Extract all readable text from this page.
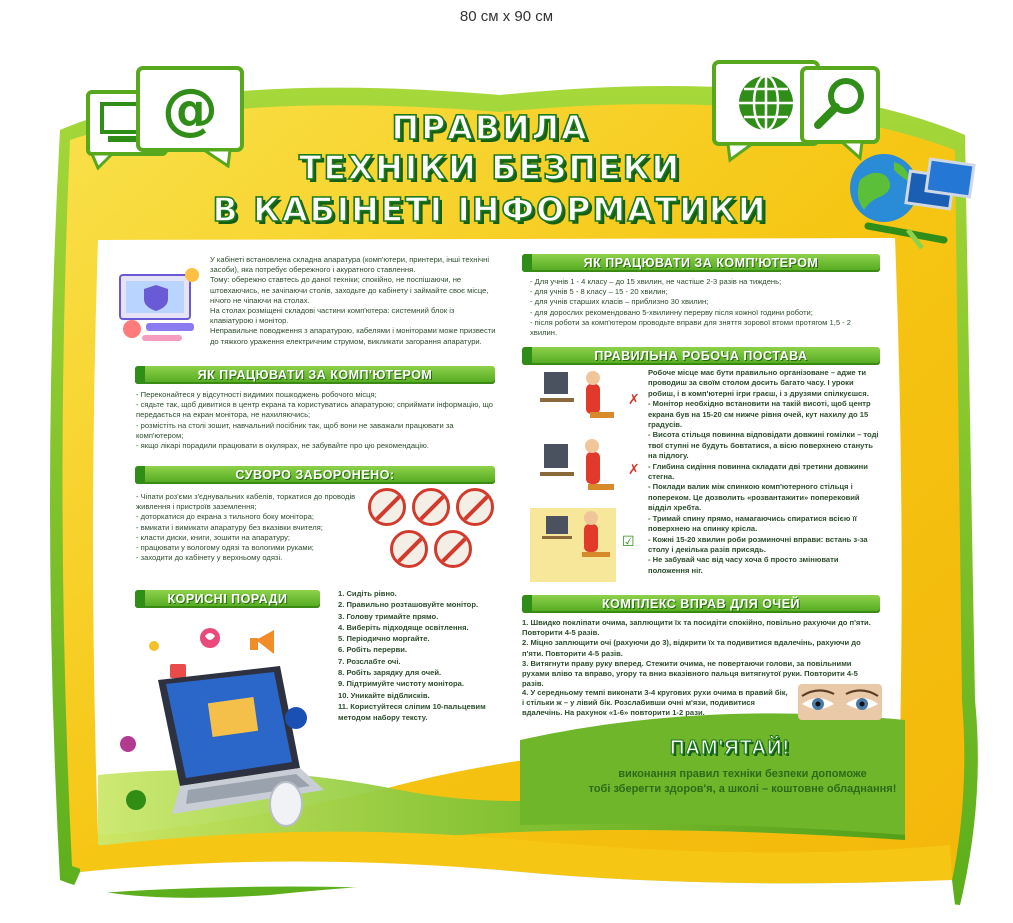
80 см х 90 см
@	ПРАВИЛА
ТЕХНІКИ БЕЗПЕКИ
В КАБІНЕТІ ІНФОРМАТИКИ

У кабінеті встановлена складна апаратура (комп'ютери, принтери, інші технічні засоби), яка потребує обережного і акуратного ставлення.

Тому: обережно ставтесь до даної техніки; спокійно, не поспішаючи, не штовхаючись, не зачіпаючи столів, заходьте до кабінету і займайте своє місце, нічого не чіпаючи на столах.

На столах розміщені складові частини комп'ютера: системний блок із клавіатурою і монітор.

Неправильне поводження з апаратурою, кабелями і моніторами може призвести до тяжкого ураження електричним струмом, викликати загорання апаратури.

ЯК ПРАЦЮВАТИ ЗА КОМП'ЮТЕРОМ

- Переконайтеся у відсутності видимих пошкоджень робочого місця;

- сядьте так, щоб дивитися в центр екрана та користуватись апаратурою; сприймати інформацію, що передається на екран монітора, не нахиляючись;

- розмістіть на столі зошит, навчальний посібник так, щоб вони не заважали працювати за комп'ютером;

- якщо лікарі порадили працювати в окулярах, не забувайте про цю рекомендацію.

СУВОРО ЗАБОРОНЕНО:

- Чіпати роз'єми з'єднувальних кабелів, торкатися до проводів живлення і пристроїв заземлення;

- доторкатися до екрана з тильного боку монітора;

- вмикати і вимикати апаратуру без вказівки вчителя;

- класти диски, книги, зошити на апаратуру;

- працювати у вологому одязі та вологими руками;

- заходити до кабінету у верхньому одязі.

КОРИСНІ ПОРАДИ	1. Сидіть рівно.

2. Правильно розташовуйте монітор.

3. Голову тримайте прямо.

4. Виберіть підходяще освітлення.

5. Періодично моргайте.

6. Робіть перерви.

7. Розслабте очі.

8. Робіть зарядку для очей.

9. Підтримуйте чистоту монітора.

10. Уникайте відблисків.

11. Користуйтеся сліпим 10-пальцевим методом набору тексту.

ЯК ПРАЦЮВАТИ ЗА КОМП'ЮТЕРОМ

- Для учнів 1 - 4 класу – до 15 хвилин, не частіше 2-3 разів на тиждень;

- для учнів 5 - 8 класу – 15 - 20 хвилин;

- для учнів старших класів – приблизно 30 хвилин;

- для дорослих рекомендовано 5-хвилинну перерву після кожної години роботи;

- після роботи за комп'ютером проводьте вправи для зняття зорової втоми протягом 1,5 - 2 хвилин.

ПРАВИЛЬНА РОБОЧА ПОСТАВА
✗
✗
☑

Робоче місце має бути правильно організоване – адже ти проводиш за своїм столом досить багато часу. І уроки робиш, і в комп'ютерні ігри граєш, і з друзями спілкуєшся.

- Монітор необхідно встановити на такій висоті, щоб центр екрана був на 15-20 см нижче рівня очей, кут нахилу до 15 градусів.

- Висота стільця повинна відповідати довжині гомілки – тоді твої ступні не будуть бовтатися, а вісю поверхнею стануть на підлогу.

- Глибина сидіння повинна складати дві третини довжини стегна.

- Поклади валик між спинкою комп'ютерного стільця і попереком. Це дозволить «розвантажити» поперековий відділ хребта.

- Тримай спину прямо, намагаючись спиратися всією її поверхнею на спинку крісла.

- Кожні 15-20 хвилин роби розминочні вправи: встань з-за столу і декілька разів присядь.

- Не забувай час від часу хоча б просто змінювати положення ніг.

КОМПЛЕКС ВПРАВ ДЛЯ ОЧЕЙ

1. Швидко покліпати очима, заплющити їх та посидіти спокійно, повільно рахуючи до п'яти. Повторити 4-5 разів.

2. Міцно заплющити очі (рахуючи до 3), відкрити їх та подивитися вдалечінь, рахуючи до п'яти. Повторити 4-5 разів.

3. Витягнути праву руку вперед. Стежити очима, не повертаючи голови, за повільними рухами вліво та вправо, угору та вниз вказівного пальця витягнутої руки. Повторити 4-5 разів.

4. У середньому темпі виконати 3-4 кругових рухи очима в правий бік, і стільки ж – у лівий бік. Розслабивши очні м'язи, подивитися вдалечінь. На рахунок «1-6» повторити 1-2 рази.

ПАМ'ЯТАЙ!
виконання правил техніки безпеки допоможе
тобі зберегти здоров'я, а школі – коштовне обладнання!
